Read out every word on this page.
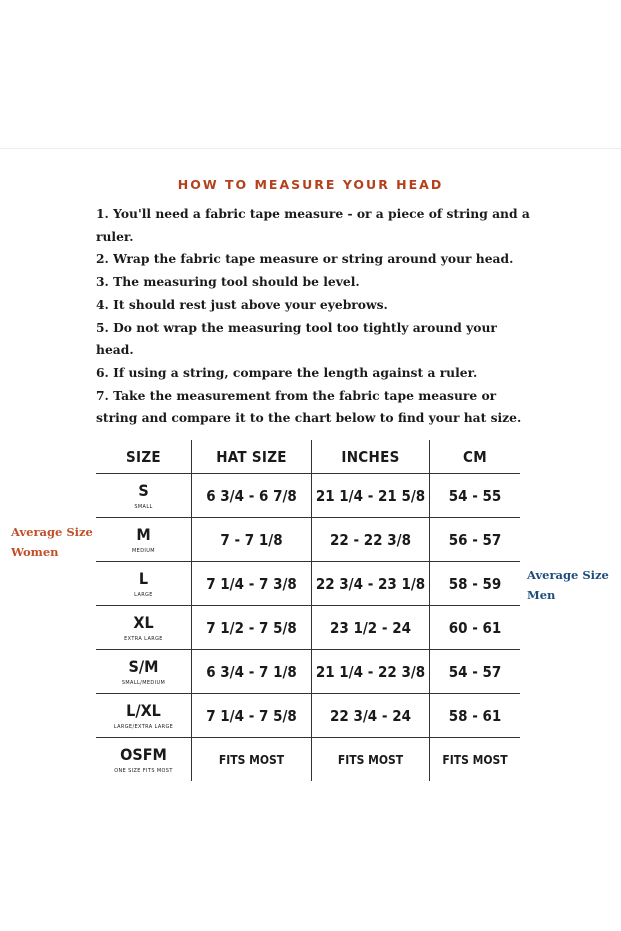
HOW TO MEASURE YOUR HEAD
1. You'll need a fabric tape measure - or a piece of string and a ruler.
2. Wrap the fabric tape measure or string around your head.
3. The measuring tool should be level.
4. It should rest just above your eyebrows.
5. Do not wrap the measuring tool too tightly around your head.
6. If using a string, compare the length against a ruler.
7. Take the measurement from the fabric tape measure or string and compare it to the chart below to find your hat size.
Average Size
Women
Average Size
Men
SIZE	HAT SIZE	INCHES	CM

S
SMALL	6 3/4 - 6 7/8	21 1/4 - 21 5/8	54 - 55

M
MEDIUM	7 - 7 1/8	22 - 22 3/8	56 - 57

L
LARGE	7 1/4 - 7 3/8	22 3/4 - 23 1/8	58 - 59

XL
EXTRA LARGE	7 1/2 - 7 5/8	23 1/2 - 24	60 - 61

S/M
SMALL/MEDIUM	6 3/4 - 7 1/8	21 1/4 - 22 3/8	54 - 57

L/XL
LARGE/EXTRA LARGE	7 1/4 - 7 5/8	22 3/4 - 24	58 - 61

OSFM
ONE SIZE FITS MOST	FITS MOST	FITS MOST	FITS MOST
